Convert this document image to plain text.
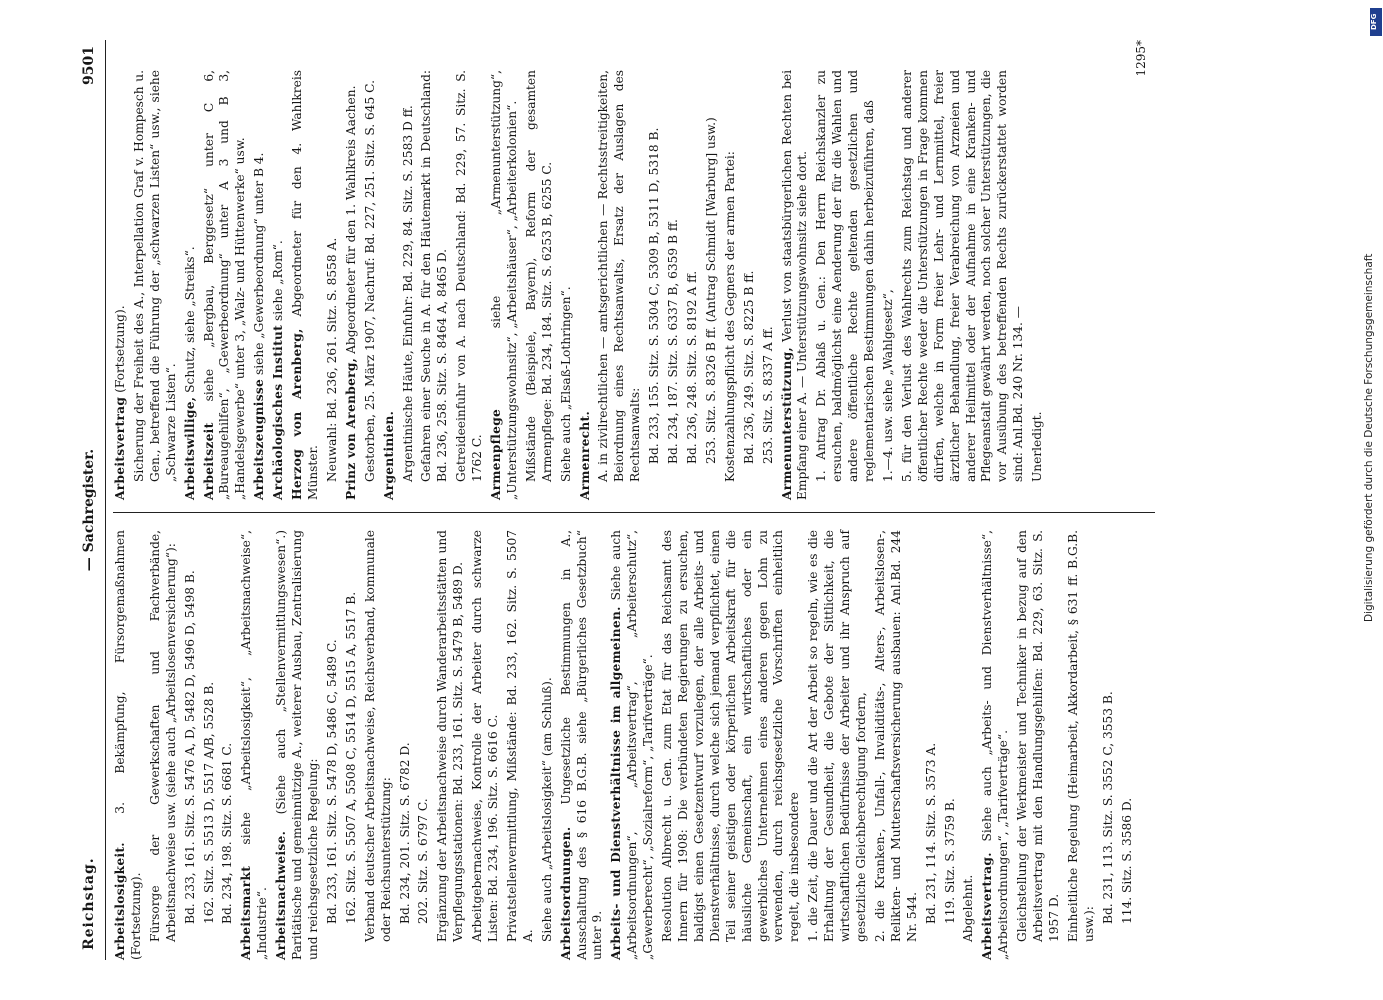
Reichstag.
— Sachregister.
9501

Arbeitslosigkeit. 3. Bekämpfung, Fürsorgemaßnahmen (Fortsetzung). Fürsorge der Gewerkschaften und Fachverbände, Arbeitsnachweise usw. (siehe auch „Arbeitslosenversicherung“): Bd. 233, 161. Sitz. S. 5476 A, D, 5482 D, 5496 D, 5498 B. 162. Sitz. S. 5513 D, 5517 A/B, 5528 B. Bd. 234, 198. Sitz. S. 6681 C. Arbeitsmarkt siehe „Arbeitslosigkeit“, „Arbeitsnachweise“, „Industrie“. Arbeitsnachweise. (Siehe auch „Stellenvermittlungswesen“.) Paritätische und gemeinnützige A., weiterer Ausbau, Zentralisierung und reichsgesetzliche Regelung: Bd. 233, 161. Sitz. S. 5478 D, 5486 C, 5489 C. 162. Sitz. S. 5507 A, 5508 C, 5514 D, 5515 A, 5517 B. Verband deutscher Arbeitsnachweise, Reichsverband, kommunale oder Reichsunterstützung: Bd. 234, 201. Sitz. S. 6782 D. 202. Sitz. S. 6797 C. Ergänzung der Arbeitsnachweise durch Wanderarbeitsstätten und Verpflegungsstationen: Bd. 233, 161. Sitz. S. 5479 B, 5489 D. Arbeitgebernachweise, Kontrolle der Arbeiter durch schwarze Listen: Bd. 234, 196. Sitz. S. 6616 C. Privatstellenvermittlung, Mißstände: Bd. 233, 162. Sitz. S. 5507 A. Siehe auch „Arbeitslosigkeit“ (am Schluß). Arbeitsordnungen. Ungesetzliche Bestimmungen in A., Ausschaltung des § 616 B.G.B. siehe „Bürgerliches Gesetzbuch“ unter 9. Arbeits- und Dienstverhältnisse im allgemeinen. Siehe auch „Arbeitsordnungen“, „Arbeitsvertrag“, „Arbeiterschutz“, „Gewerberecht“, „Sozialreform“, „Tarifverträge“. Resolution Albrecht u. Gen. zum Etat für das Reichsamt des Innern für 1908: Die verbündeten Regierungen zu ersuchen, baldigst einen Gesetzentwurf vorzulegen, der alle Arbeits- und Dienstverhältnisse, durch welche sich jemand verpflichtet, einen Teil seiner geistigen oder körperlichen Arbeitskraft für die häusliche Gemeinschaft, ein wirtschaftliches oder ein gewerbliches Unternehmen eines anderen gegen Lohn zu verwenden, durch reichsgesetzliche Vorschriften einheitlich regelt, die insbesondere 1. die Zeit, die Dauer und die Art der Arbeit so regeln, wie es die Erhaltung der Gesundheit, die Gebote der Sittlichkeit, die wirtschaftlichen Bedürfnisse der Arbeiter und ihr Anspruch auf gesetzliche Gleichberechtigung fordern, 2. die Kranken-, Unfall-, Invaliditäts-, Alters-, Arbeitslosen-, Relikten- und Mutterschaftsversicherung ausbauen: Anl.Bd. 244 Nr. 544. Bd. 231, 114. Sitz. S. 3573 A. 119. Sitz. S. 3759 B. Abgelehnt. Arbeitsvertrag. Siehe auch „Arbeits- und Dienstverhältnisse“, „Arbeitsordnungen“, „Tarifverträge“. Gleichstellung der Werkmeister und Techniker in bezug auf den Arbeitsvertrag mit den Handlungsgehilfen: Bd. 229, 63. Sitz. S. 1957 D. Einheitliche Regelung (Heimarbeit, Akkordarbeit, § 631 ff. B.G.B. usw.):

Bd. 231, 113. Sitz. S. 3552 C, 3553 B. 114. Sitz. S. 3586 D.

Arbeitsvertrag (Fortsetzung). Sicherung der Freiheit des A., Interpellation Graf v. Hompesch u. Gen., betreffend die Führung der „schwarzen Listen“ usw., siehe „Schwarze Listen“. Arbeitswillige, Schutz, siehe „Streiks“.

Arbeitszeit siehe „Bergbau, Berggesetz“ unter C 6, „Bureaugehilfen“, „Gewerbeordnung“ unter A 3 und B 3, „Handelsgewerbe“ unter 3, „Walz- und Hüttenwerke“ usw. Arbeitszeugnisse siehe „Gewerbeordnung“ unter B 4.

Archäologisches Institut siehe „Rom“.

Herzog von Arenberg, Abgeordneter für den 4. Wahlkreis Münster. Neuwahl: Bd. 236, 261. Sitz. S. 8558 A. Prinz von Arenberg, Abgeordneter für den 1. Wahlkreis Aachen. Gestorben, 25. März 1907, Nachruf: Bd. 227, 251. Sitz. S. 645 C. Argentinien. Argentinische Häute, Einfuhr: Bd. 229, 84. Sitz. S. 2583 D ff. Gefahren einer Seuche in A. für den Häutemarkt in Deutschland: Bd. 236, 258. Sitz. S. 8464 A, 8465 D. Getreideeinfuhr von A. nach Deutschland: Bd. 229, 57. Sitz. S. 1762 C. Armenpflege siehe „Armenunterstützung“, „Unterstützungswohnsitz“, „Arbeitshäuser“, „Arbeiterkolonien“. Mißstände (Beispiele, Bayern), Reform der gesamten Armenpflege: Bd. 234, 184. Sitz. S. 6253 B, 6255 C. Siehe auch „Elsaß-Lothringen“. Armenrecht. A. in zivilrechtlichen — amtsgerichtlichen — Rechtsstreitigkeiten, Beiordnung eines Rechtsanwalts, Ersatz der Auslagen des Rechtsanwalts: Bd. 233, 155. Sitz. S. 5304 C, 5309 B, 5311 D, 5318 B. Bd. 234, 187. Sitz. S. 6337 B, 6359 B ff. Bd. 236, 248. Sitz. S. 8192 A ff. 253. Sitz. S. 8326 B ff. (Antrag Schmidt [Warburg] usw.) Kostenzahlungspflicht des Gegners der armen Partei: Bd. 236, 249. Sitz. S. 8225 B ff. 253. Sitz. S. 8337 A ff. Armenunterstützung, Verlust von staatsbürgerlichen Rechten bei Empfang einer A. — Unterstützungswohnsitz siehe dort. 1. Antrag Dr. Ablaß u. Gen.: Den Herrn Reichskanzler zu ersuchen, baldmöglichst eine Aenderung der für die Wahlen und andere öffentliche Rechte geltenden gesetzlichen und reglementarischen Bestimmungen dahin herbeizuführen, daß 1.—4. usw. siehe „Wahlgesetz“, 5. für den Verlust des Wahlrechts zum Reichstag und anderer öffentlicher Rechte weder die Unterstützungen in Frage kommen dürfen, welche in Form freier Lehr- und Lernmittel, freier ärztlicher Behandlung, freier Verabreichung von Arzneien und anderer Heilmittel oder der Aufnahme in eine Kranken- und Pflegeanstalt gewährt werden, noch solcher Unterstützungen, die vor Ausübung des betreffenden Rechts zurückerstattet worden sind: Anl.Bd. 240 Nr. 134. — Unerledigt.

1295*
Digitalisierung gefördert durch die Deutsche Forschungsgemeinschaft
DFG
